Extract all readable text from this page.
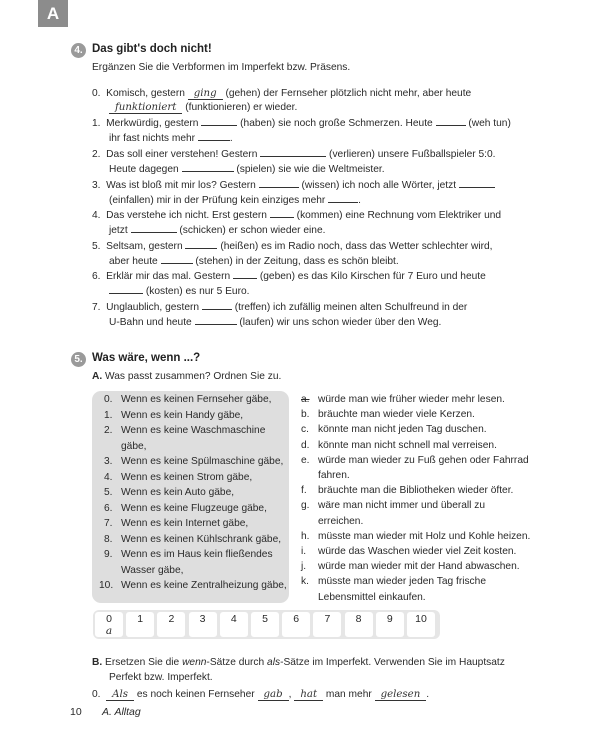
A
4. Das gibt's doch nicht!
Ergänzen Sie die Verbformen im Imperfekt bzw. Präsens.
0. Komisch, gestern ging (gehen) der Fernseher plötzlich nicht mehr, aber heute
funktioniert (funktionieren) er wieder.
1. Merkwürdig, gestern	(haben) sie noch große Schmerzen. Heute	(weh tun)
ihr fast nichts mehr	.
2. Das soll einer verstehen! Gestern	(verlieren) unsere Fußballspieler 5:0.
Heute dagegen	(spielen) sie wie die Weltmeister.
3. Was ist bloß mit mir los? Gestern	(wissen) ich noch alle Wörter, jetzt
(einfallen) mir in der Prüfung kein einziges mehr	.
4. Das verstehe ich nicht. Erst gestern	(kommen) eine Rechnung vom Elektriker und
jetzt	(schicken) er schon wieder eine.
5. Seltsam, gestern	(heißen) es im Radio noch, dass das Wetter schlechter wird,
aber heute	(stehen) in der Zeitung, dass es schön bleibt.
6. Erklär mir das mal. Gestern	(geben) es das Kilo Kirschen für 7 Euro und heute
(kosten) es nur 5 Euro.
7. Unglaublich, gestern	(treffen) ich zufällig meinen alten Schulfreund in der
U-Bahn und heute	(laufen) wir uns schon wieder über den Weg.
5. Was wäre, wenn ...?
A. Was passt zusammen? Ordnen Sie zu.
0. Wenn es keinen Fernseher gäbe,
1. Wenn es kein Handy gäbe,
2. Wenn es keine Waschmaschine
gäbe,
3. Wenn es keine Spülmaschine gäbe,
4. Wenn es keinen Strom gäbe,
5. Wenn es kein Auto gäbe,
6. Wenn es keine Flugzeuge gäbe,
7. Wenn es kein Internet gäbe,
8. Wenn es keinen Kühlschrank gäbe,
9. Wenn es im Haus kein fließendes
Wasser gäbe,
10. Wenn es keine Zentralheizung gäbe,
a. würde man wie früher wieder mehr lesen.
b. bräuchte man wieder viele Kerzen.
c. könnte man nicht jeden Tag duschen.
d. könnte man nicht schnell mal verreisen.
e. würde man wieder zu Fuß gehen oder Fahrrad
fahren.
f. bräuchte man die Bibliotheken wieder öfter.
g. wäre man nicht immer und überall zu
erreichen.
h. müsste man wieder mit Holz und Kohle heizen.
i. würde das Waschen wieder viel Zeit kosten.
j. würde man wieder mit der Hand abwaschen.
k. müsste man wieder jeden Tag frische
Lebensmittel einkaufen.
0
a
1	2	3	4	5	6	7	8	9	10
B. Ersetzen Sie die wenn-Sätze durch als-Sätze im Imperfekt. Verwenden Sie im Hauptsatz
Perfekt bzw. Imperfekt.
0. Als es noch keinen Fernseher gab , hat man mehr gelesen .
10 A. Alltag
